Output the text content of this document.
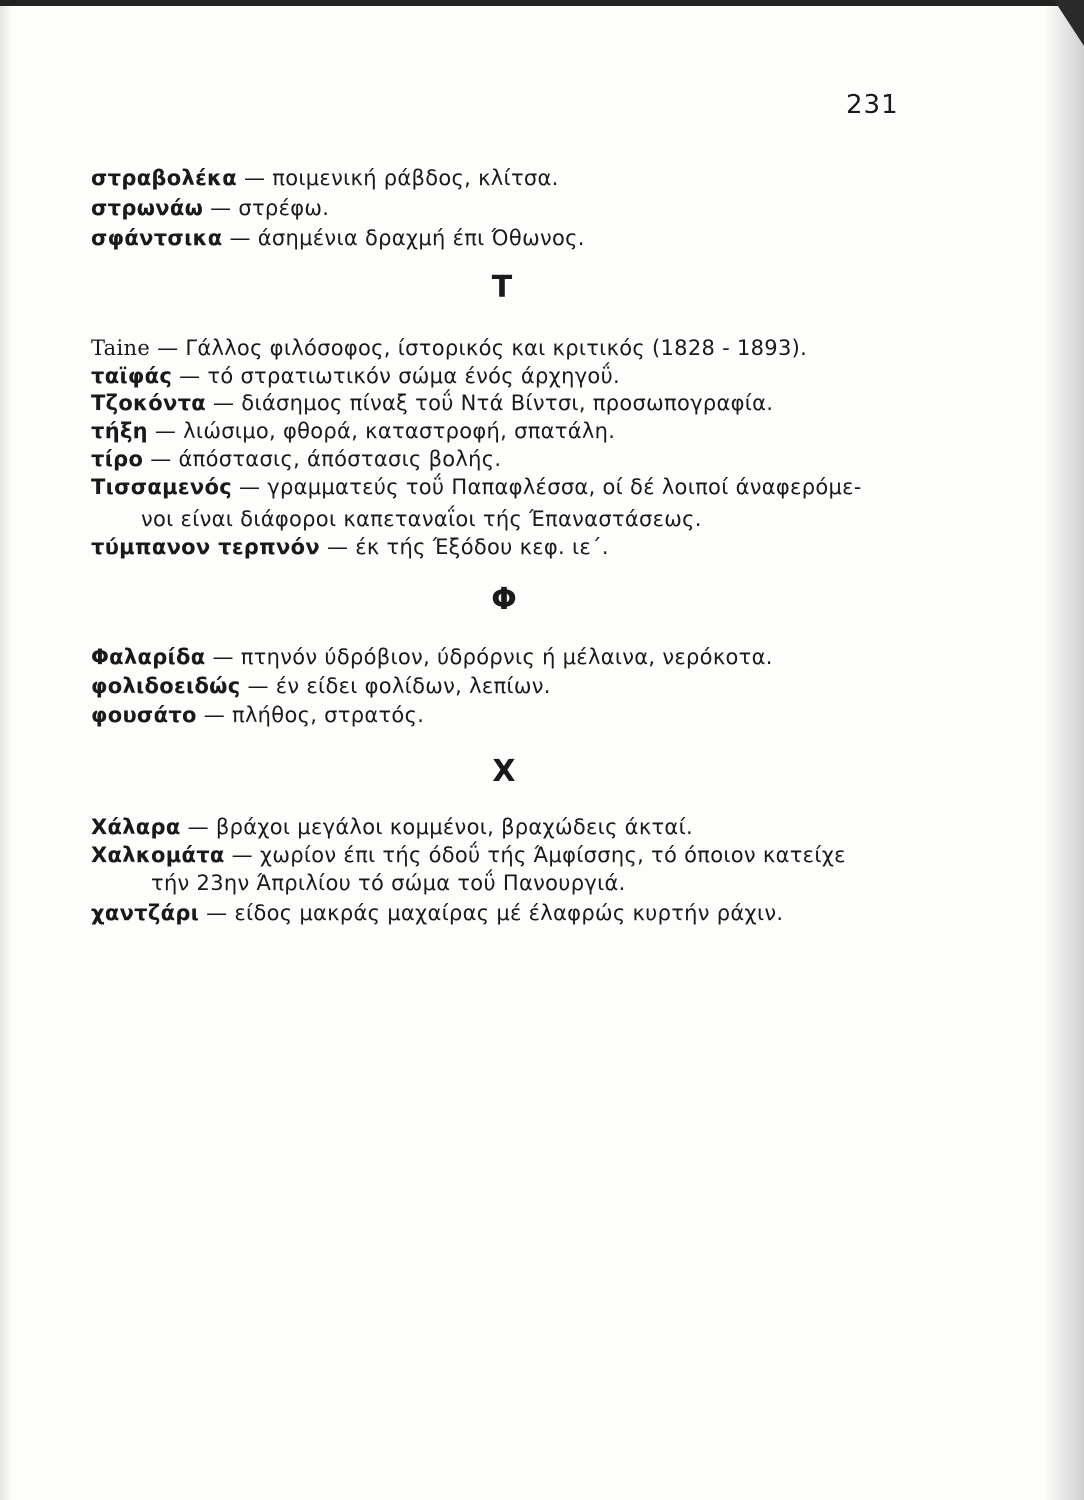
231
στραβολέκα — ποιμενική ράβδος, κλίτσα.
στρωνάω — στρέφω.
σφάντσικα — άσημένια δραχμή έπι Όθωνος.
Τ
Taine — Γάλλος φιλόσοφος, ίστορικός και κριτικός (1828 - 1893).
ταϊφάς — τό στρατιωτικόν σώμα ένός άρχηγοΰ.
Τζοκόντα — διάσημος πίναξ τοΰ Ντά Βίντσι, προσωπογραφία.
τήξη — λιώσιμο, φθορά, καταστροφή, σπατάλη.
τίρο — άπόστασις, άπόστασις βολής.
Τισσαμενός — γραμματεύς τοΰ Παπαφλέσσα, οί δέ λοιποί άναφερόμε-
νοι είναι διάφοροι καπεταναΐοι τής Έπαναστάσεως.
τύμπανον τερπνόν — έκ τής Έξόδου κεφ. ιε΄.
Φ
Φαλαρίδα — πτηνόν ύδρόβιον, ύδρόρνις ή μέλαινα, νερόκοτα.
φολιδοειδώς — έν είδει φολίδων, λεπίων.
φουσάτο — πλήθος, στρατός.
Χ
Χάλαρα — βράχοι μεγάλοι κομμένοι, βραχώδεις άκταί.
Χαλκομάτα — χωρίον έπι τής όδοΰ τής Άμφίσσης, τό όποιον κατείχε
τήν 23ην Άπριλίου τό σώμα τοΰ Πανουργιά.
χαντζάρι — είδος μακράς μαχαίρας μέ έλαφρώς κυρτήν ράχιν.
